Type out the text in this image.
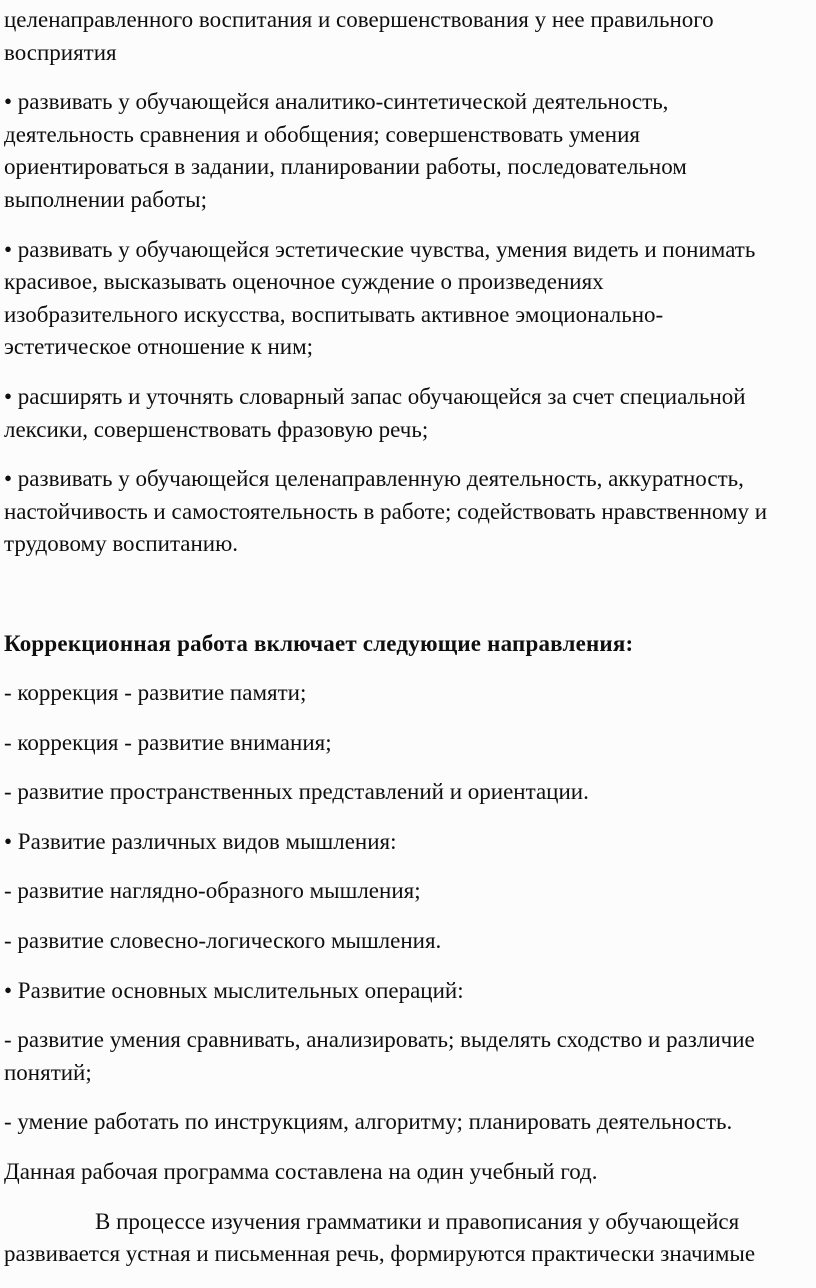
целенаправленного воспитания и совершенствования у нее правильного
восприятия
• развивать у обучающейся аналитико-синтетической деятельность,
деятельность сравнения и обобщения; совершенствовать умения
ориентироваться в задании, планировании работы, последовательном
выполнении работы;
• развивать у обучающейся эстетические чувства, умения видеть и понимать
красивое, высказывать оценочное суждение о произведениях
изобразительного искусства, воспитывать активное эмоционально-
эстетическое отношение к ним;
• расширять и уточнять словарный запас обучающейся за счет специальной
лексики, совершенствовать фразовую речь;
• развивать у обучающейся целенаправленную деятельность, аккуратность,
настойчивость и самостоятельность в работе; содействовать нравственному и
трудовому воспитанию.
Коррекционная работа включает следующие направления:
- коррекция - развитие памяти;
- коррекция - развитие внимания;
- развитие пространственных представлений и ориентации.
• Развитие различных видов мышления:
- развитие наглядно-образного мышления;
- развитие словесно-логического мышления.
• Развитие основных мыслительных операций:
- развитие умения сравнивать, анализировать; выделять сходство и различие
понятий;
- умение работать по инструкциям, алгоритму; планировать деятельность.
Данная рабочая программа составлена на один учебный год.
В процессе изучения грамматики и правописания у обучающейся
развивается устная и письменная речь, формируются практически значимые
